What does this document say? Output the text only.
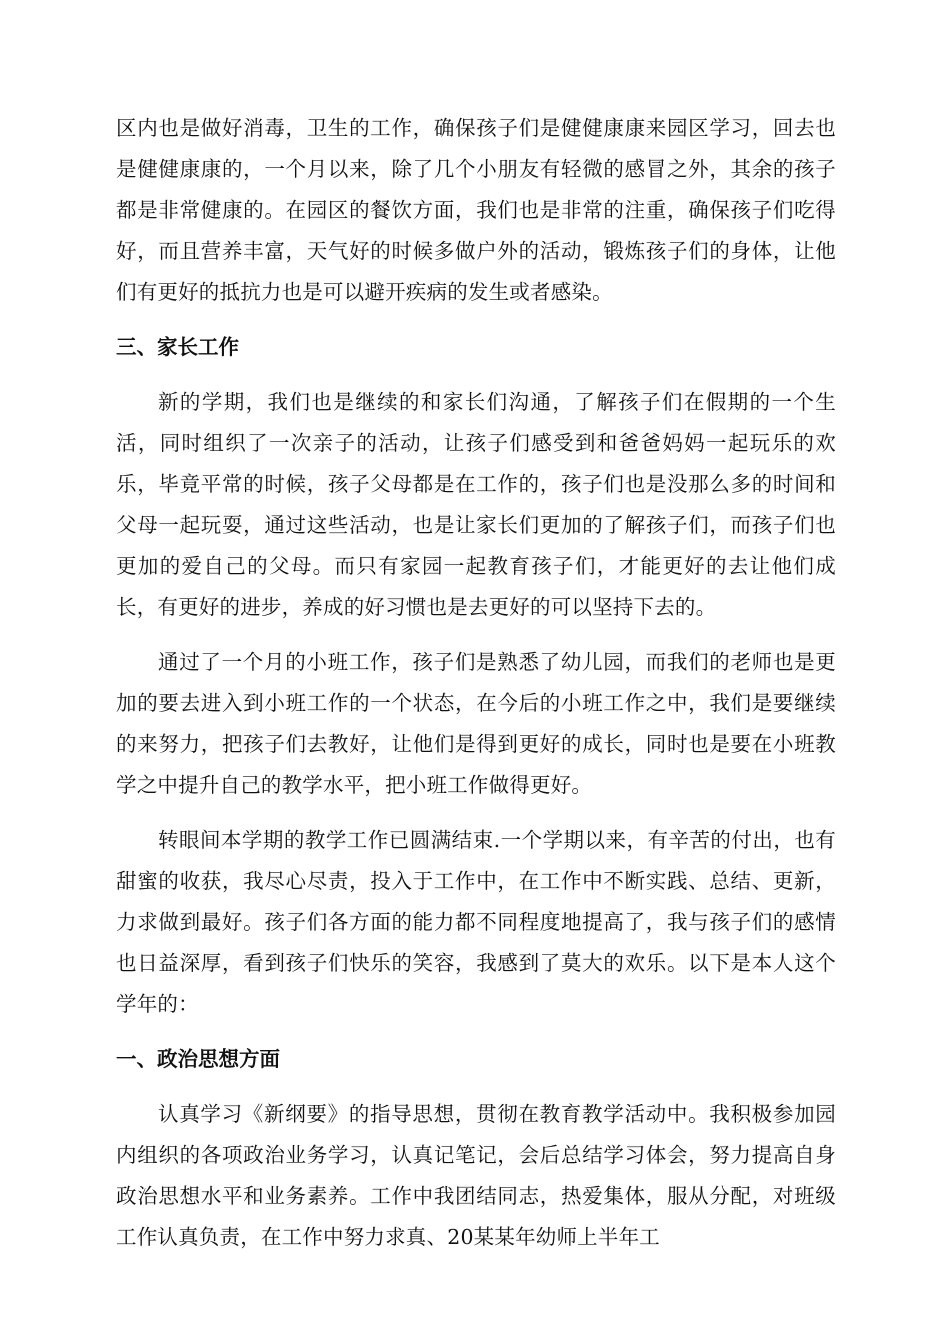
区内也是做好消毒，卫生的工作，确保孩子们是健健康康来园区学习，回去也是健健康康的，一个月以来，除了几个小朋友有轻微的感冒之外，其余的孩子都是非常健康的。在园区的餐饮方面，我们也是非常的注重，确保孩子们吃得好，而且营养丰富，天气好的时候多做户外的活动，锻炼孩子们的身体，让他们有更好的抵抗力也是可以避开疾病的发生或者感染。

三、家长工作

新的学期，我们也是继续的和家长们沟通，了解孩子们在假期的一个生活，同时组织了一次亲子的活动，让孩子们感受到和爸爸妈妈一起玩乐的欢乐，毕竟平常的时候，孩子父母都是在工作的，孩子们也是没那么多的时间和父母一起玩耍，通过这些活动，也是让家长们更加的了解孩子们，而孩子们也更加的爱自己的父母。而只有家园一起教育孩子们，才能更好的去让他们成长，有更好的进步，养成的好习惯也是去更好的可以坚持下去的。

通过了一个月的小班工作，孩子们是熟悉了幼儿园，而我们的老师也是更加的要去进入到小班工作的一个状态，在今后的小班工作之中，我们是要继续的来努力，把孩子们去教好，让他们是得到更好的成长，同时也是要在小班教学之中提升自己的教学水平，把小班工作做得更好。

转眼间本学期的教学工作已圆满结束.一个学期以来，有辛苦的付出，也有甜蜜的收获，我尽心尽责，投入于工作中，在工作中不断实践、总结、更新，力求做到最好。孩子们各方面的能力都不同程度地提高了，我与孩子们的感情也日益深厚，看到孩子们快乐的笑容，我感到了莫大的欢乐。以下是本人这个学年的：

一、政治思想方面

认真学习《新纲要》的指导思想，贯彻在教育教学活动中。我积极参加园内组织的各项政治业务学习，认真记笔记，会后总结学习体会，努力提高自身政治思想水平和业务素养。工作中我团结同志，热爱集体，服从分配，对班级工作认真负责，在工作中努力求真、20某某年幼师上半年工
